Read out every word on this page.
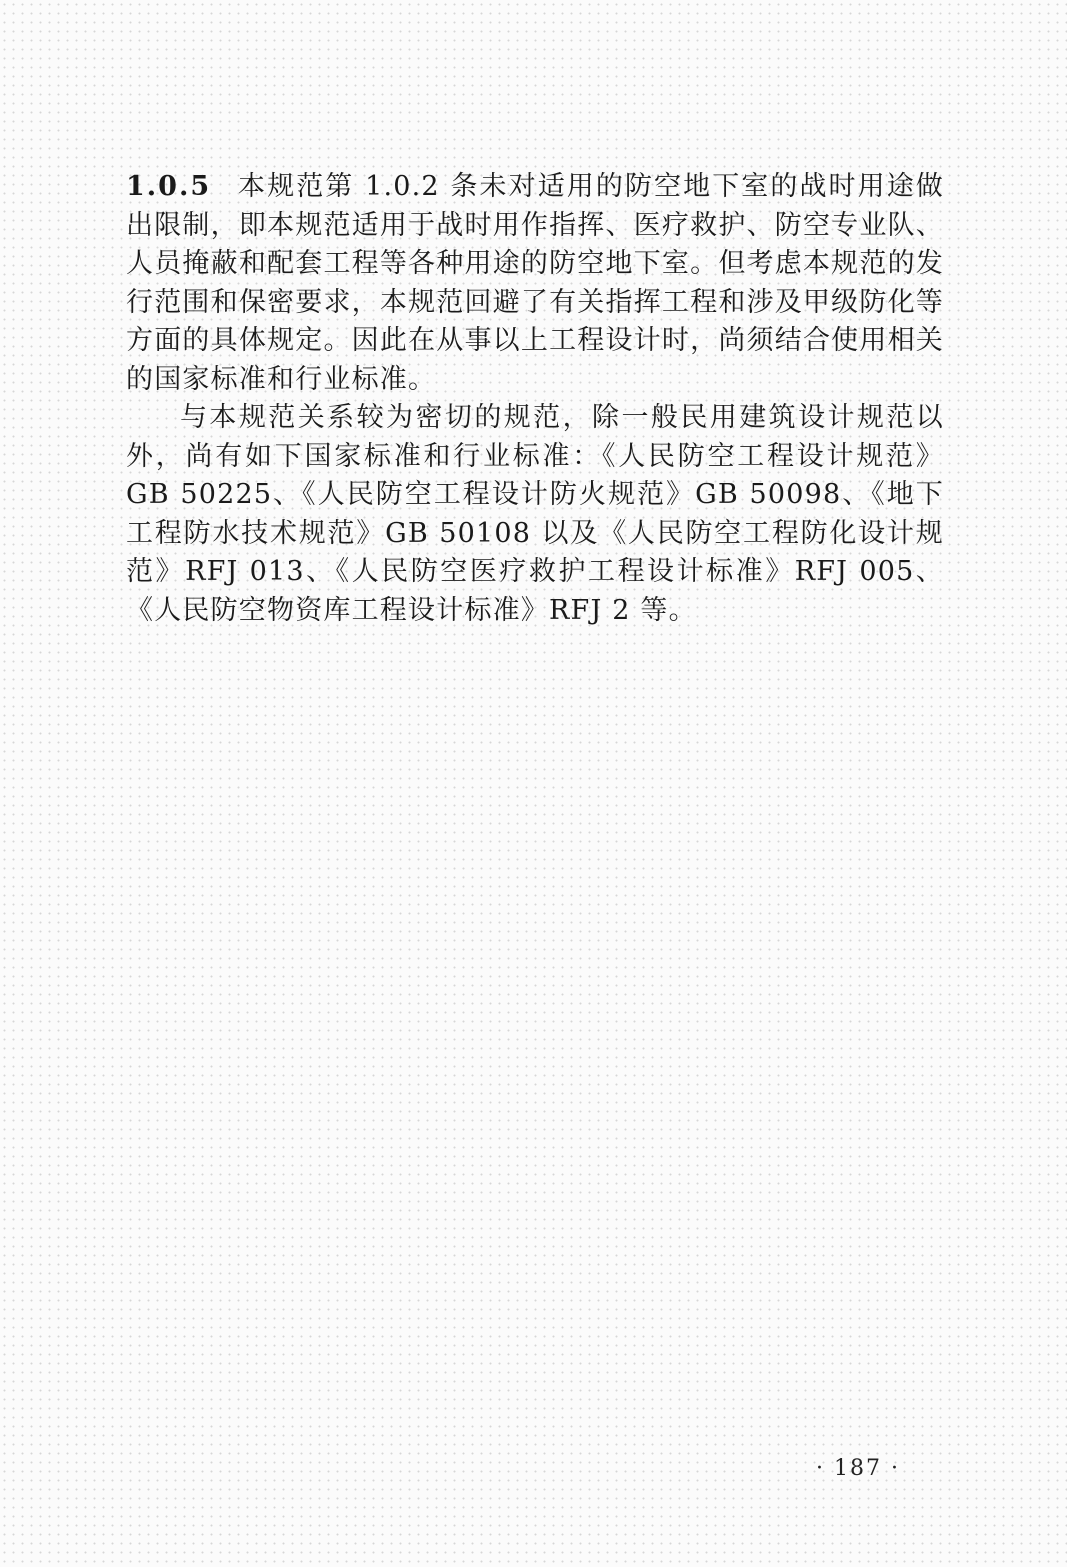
1.0.5 本规范第 1.0.2 条未对适用的防空地下室的战时用途做出限制，即本规范适用于战时用作指挥、医疗救护、防空专业队、人员掩蔽和配套工程等各种用途的防空地下室。但考虑本规范的发行范围和保密要求，本规范回避了有关指挥工程和涉及甲级防化等方面的具体规定。因此在从事以上工程设计时，尚须结合使用相关的国家标准和行业标准。

与本规范关系较为密切的规范，除一般民用建筑设计规范以外，尚有如下国家标准和行业标准：《人民防空工程设计规范》GB 50225、《人民防空工程设计防火规范》GB 50098、《地下工程防水技术规范》GB 50108 以及《人民防空工程防化设计规范》RFJ 013、《人民防空医疗救护工程设计标准》RFJ 005、《人民防空物资库工程设计标准》RFJ 2 等。

· 187 ·
